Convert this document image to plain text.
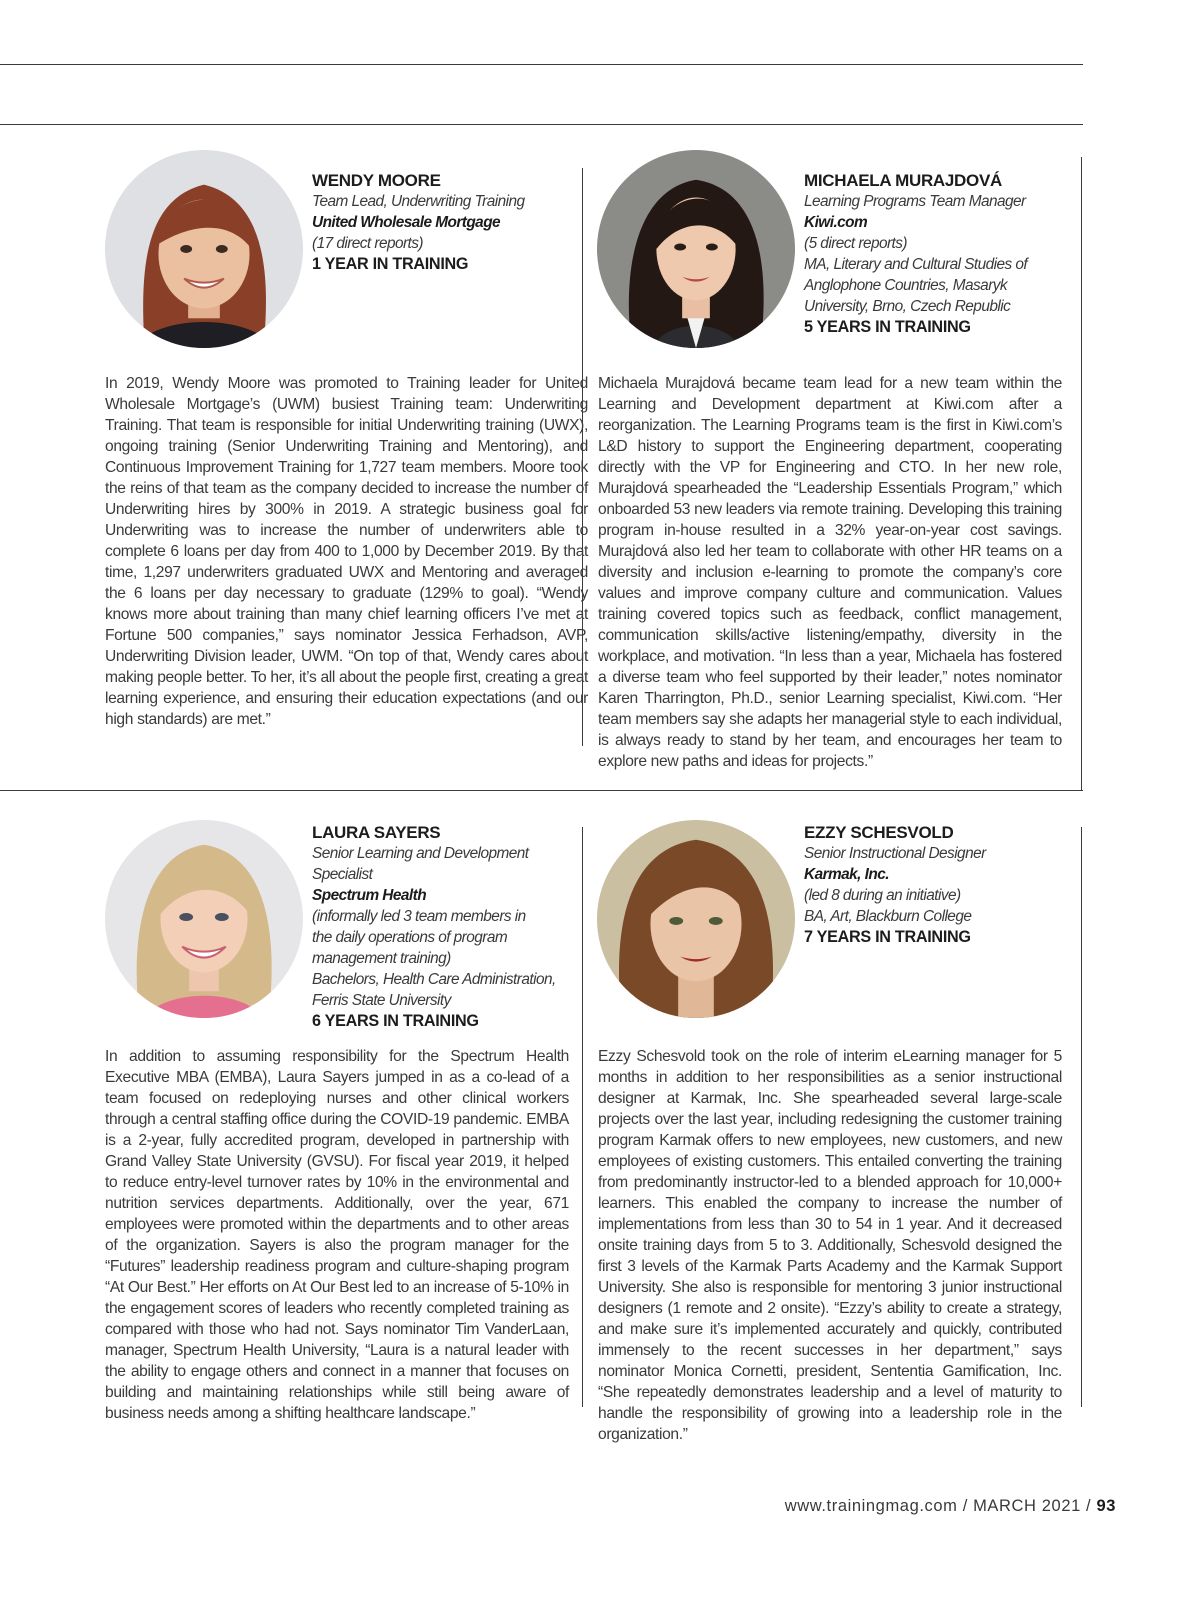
WENDY MOORE
Team Lead, Underwriting Training
United Wholesale Mortgage
(17 direct reports)
1 YEAR IN TRAINING

In 2019, Wendy Moore was promoted to Training leader for United Wholesale Mortgage’s (UWM) busiest Training team: Underwriting Training. That team is responsible for initial Underwriting training (UWX), ongoing training (Senior Underwriting Training and Mentoring), and Continuous Improvement Training for 1,727 team members. Moore took the reins of that team as the company decided to increase the number of Underwriting hires by 300% in 2019. A strategic business goal for Underwriting was to increase the number of underwriters able to complete 6 loans per day from 400 to 1,000 by December 2019. By that time, 1,297 underwriters graduated UWX and Mentoring and averaged the 6 loans per day necessary to graduate (129% to goal). “Wendy knows more about training than many chief learning officers I’ve met at Fortune 500 companies,” says nominator Jessica Ferhadson, AVP, Underwriting Division leader, UWM. “On top of that, Wendy cares about making people better. To her, it’s all about the people first, creating a great learning experience, and ensuring their education expectations (and our high standards) are met.”

MICHAELA MURAJDOVÁ
Learning Programs Team Manager
Kiwi.com
(5 direct reports)
MA, Literary and Cultural Studies of Anglophone Countries, Masaryk University, Brno, Czech Republic
5 YEARS IN TRAINING

Michaela Murajdová became team lead for a new team within the Learning and Development department at Kiwi.com after a reorganization. The Learning Programs team is the first in Kiwi.com’s L&D history to support the Engineering department, cooperating directly with the VP for Engineering and CTO. In her new role, Murajdová spearheaded the “Leadership Essentials Program,” which onboarded 53 new leaders via remote training. Developing this training program in-house resulted in a 32% year-on-year cost savings. Murajdová also led her team to collaborate with other HR teams on a diversity and inclusion e-learning to promote the company’s core values and improve company culture and communication. Values training covered topics such as feedback, conflict management, communication skills/active listening/empathy, diversity in the workplace, and motivation. “In less than a year, Michaela has fostered a diverse team who feel supported by their leader,” notes nominator Karen Tharrington, Ph.D., senior Learning specialist, Kiwi.com. “Her team members say she adapts her managerial style to each individual, is always ready to stand by her team, and encourages her team to explore new paths and ideas for projects.”

LAURA SAYERS
Senior Learning and Development Specialist
Spectrum Health
(informally led 3 team members in the daily operations of program management training)
Bachelors, Health Care Administration, Ferris State University
6 YEARS IN TRAINING

In addition to assuming responsibility for the Spectrum Health Executive MBA (EMBA), Laura Sayers jumped in as a co-lead of a team focused on redeploying nurses and other clinical workers through a central staffing office during the COVID-19 pandemic. EMBA is a 2-year, fully accredited program, developed in partnership with Grand Valley State University (GVSU). For fiscal year 2019, it helped to reduce entry-level turnover rates by 10% in the environmental and nutrition services departments. Additionally, over the year, 671 employees were promoted within the departments and to other areas of the organization. Sayers is also the program manager for the “Futures” leadership readiness program and culture-shaping program “At Our Best.” Her efforts on At Our Best led to an increase of 5-10% in the engagement scores of leaders who recently completed training as compared with those who had not. Says nominator Tim VanderLaan, manager, Spectrum Health University, “Laura is a natural leader with the ability to engage others and connect in a manner that focuses on building and maintaining relationships while still being aware of business needs among a shifting healthcare landscape.”

EZZY SCHESVOLD
Senior Instructional Designer
Karmak, Inc.
(led 8 during an initiative)
BA, Art, Blackburn College
7 YEARS IN TRAINING

Ezzy Schesvold took on the role of interim eLearning manager for 5 months in addition to her responsibilities as a senior instructional designer at Karmak, Inc. She spearheaded several large-scale projects over the last year, including redesigning the customer training program Karmak offers to new employees, new customers, and new employees of existing customers. This entailed converting the training from predominantly instructor-led to a blended approach for 10,000+ learners. This enabled the company to increase the number of implementations from less than 30 to 54 in 1 year. And it decreased onsite training days from 5 to 3. Additionally, Schesvold designed the first 3 levels of the Karmak Parts Academy and the Karmak Support University. She also is responsible for mentoring 3 junior instructional designers (1 remote and 2 onsite). “Ezzy’s ability to create a strategy, and make sure it’s implemented accurately and quickly, contributed immensely to the recent successes in her department,” says nominator Monica Cornetti, president, Sententia Gamification, Inc. “She repeatedly demonstrates leadership and a level of maturity to handle the responsibility of growing into a leadership role in the organization.”

www.trainingmag.com / MARCH 2021 / 93
